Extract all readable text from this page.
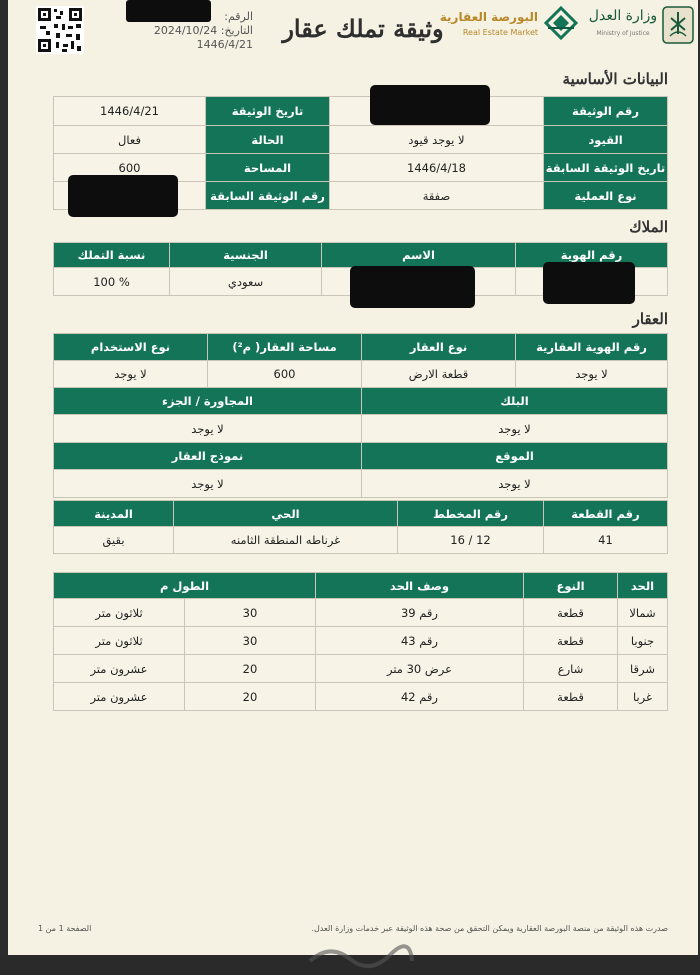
وزارة العدل
Ministry of Justice
البورصة العقارية
Real Estate Market
وثيقة تملك عقار
الرقم:
التاريخ: 2024/10/24
1446/4/21
البيانات الأساسية
رقم الوثيقة		تاريخ الوثيقة	1446/4/21
القيود	لا يوجد قيود	الحالة	فعال
تاريخ الوثيقة السابقة	1446/4/18	المساحة	600
نوع العملية	صفقة	رقم الوثيقة السابقة	
الملاك
رقم الهوية	الاسم	الجنسية	نسبة التملك
		سعودي	100 %
العقار
رقم الهوية العقارية	نوع العقار	مساحة العقار( م²)	نوع الاستخدام
لا يوجد	قطعة الارض	600	لا يوجد
البلك		المجاورة / الجزء	
لا يوجد		لا يوجد	
الموقع		نموذج العقار	
لا يوجد		لا يوجد	
رقم القطعة	رقم المخطط	الحي	المدينة
41	16 / 12	غرناطه المنطقة الثامنه	بقيق
الحد	النوع	وصف الحد	الطول م	
شمالا	قطعة	رقم 39	30	ثلاثون متر
جنوبا	قطعة	رقم 43	30	ثلاثون متر
شرقا	شارع	عرض 30 متر	20	عشرون متر
غربا	قطعة	رقم 42	20	عشرون متر
صدرت هذه الوثيقة من منصة البورصة العقارية ويمكن التحقق من صحة هذه الوثيقة عبر خدمات وزارة العدل.
الصفحة 1 من 1
